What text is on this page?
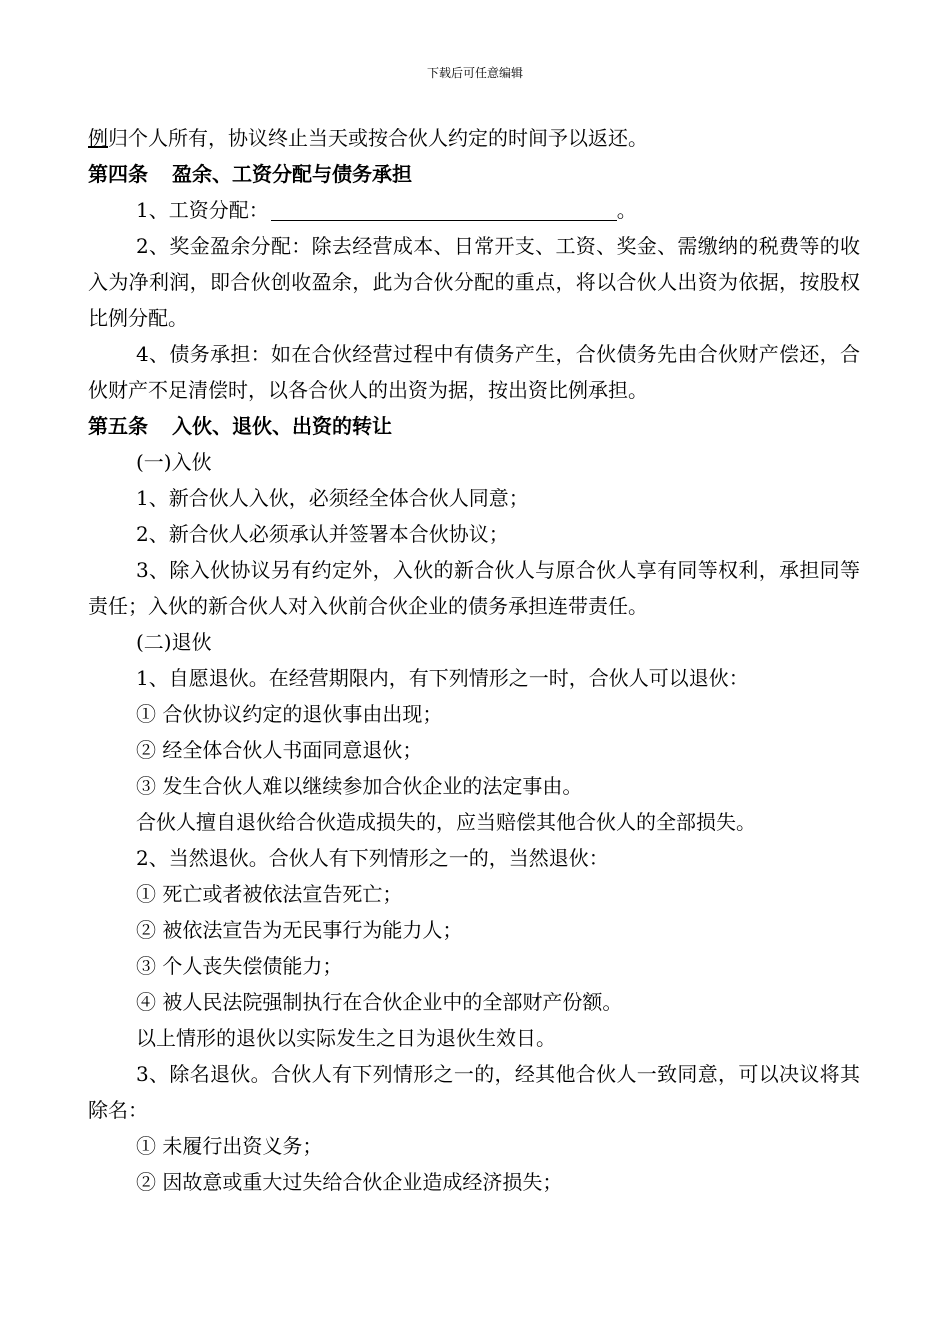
下载后可任意编辑
例归个人所有，协议终止当天或按合伙人约定的时间予以返还。
第四条 盈余、工资分配与债务承担
1、工资分配：	。
2、奖金盈余分配：除去经营成本、日常开支、工资、奖金、需缴纳的税费等的收入为净利润，即合伙创收盈余，此为合伙分配的重点，将以合伙人出资为依据，按股权比例分配。
4、债务承担：如在合伙经营过程中有债务产生，合伙债务先由合伙财产偿还，合伙财产不足清偿时，以各合伙人的出资为据，按出资比例承担。
第五条 入伙、退伙、出资的转让
(一)入伙
1、新合伙人入伙，必须经全体合伙人同意；
2、新合伙人必须承认并签署本合伙协议；
3、除入伙协议另有约定外，入伙的新合伙人与原合伙人享有同等权利，承担同等责任；入伙的新合伙人对入伙前合伙企业的债务承担连带责任。
(二)退伙
1、自愿退伙。在经营期限内，有下列情形之一时，合伙人可以退伙：
① 合伙协议约定的退伙事由出现；
② 经全体合伙人书面同意退伙；
③ 发生合伙人难以继续参加合伙企业的法定事由。
合伙人擅自退伙给合伙造成损失的，应当赔偿其他合伙人的全部损失。
2、当然退伙。合伙人有下列情形之一的，当然退伙：
① 死亡或者被依法宣告死亡；
② 被依法宣告为无民事行为能力人；
③ 个人丧失偿债能力；
④ 被人民法院强制执行在合伙企业中的全部财产份额。
以上情形的退伙以实际发生之日为退伙生效日。
3、除名退伙。合伙人有下列情形之一的，经其他合伙人一致同意，可以决议将其除名：
① 未履行出资义务；
② 因故意或重大过失给合伙企业造成经济损失；
